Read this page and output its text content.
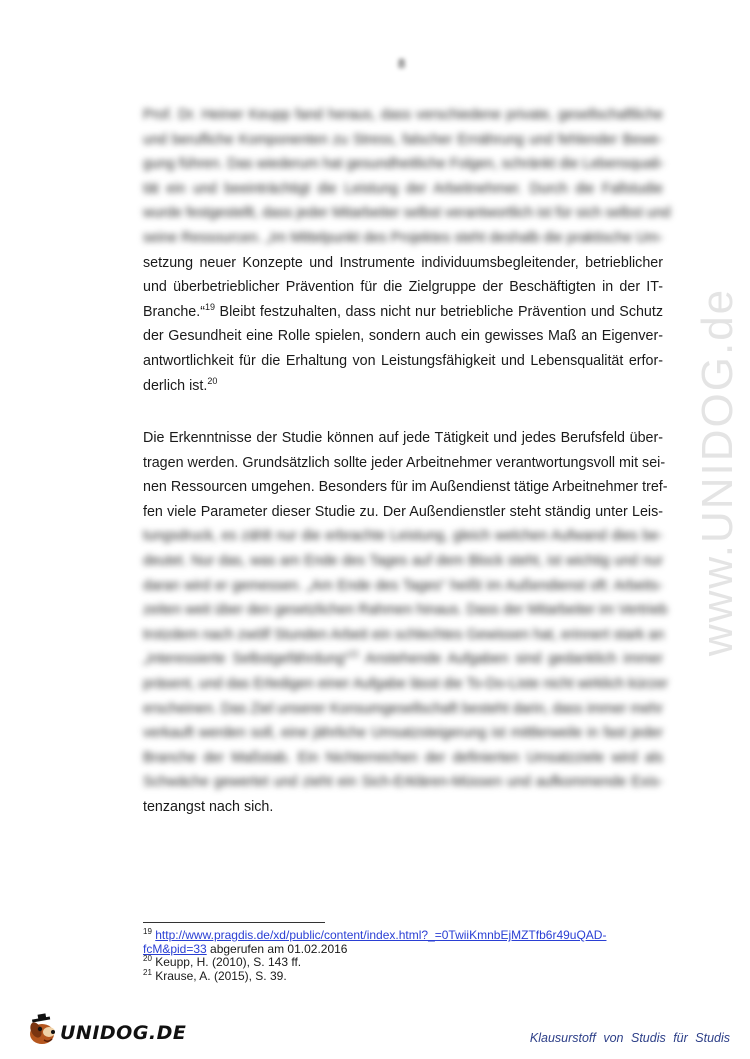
www.UNIDOG.de
8
Prof. Dr. Heiner Keupp fand heraus, dass verschiedene private, gesellschaftliche
und berufliche Komponenten zu Stress, falscher Ernährung und fehlender Bewe-
gung führen. Das wiederum hat gesundheitliche Folgen, schränkt die Lebensquali-
tät ein und beeinträchtigt die Leistung der Arbeitnehmer. Durch die Fallstudie
wurde festgestellt, dass jeder Mitarbeiter selbst verantwortlich ist für sich selbst und
seine Ressourcen. „Im Mittelpunkt des Projektes steht deshalb die praktische Um-
setzung neuer Konzepte und Instrumente individuumsbegleitender, betrieblicher
und überbetrieblicher Prävention für die Zielgruppe der Beschäftigten in der IT-
Branche.“$^{19}$ Bleibt festzuhalten, dass nicht nur betriebliche Prävention und Schutz
der Gesundheit eine Rolle spielen, sondern auch ein gewisses Maß an Eigenver-
antwortlichkeit für die Erhaltung von Leistungsfähigkeit und Lebensqualität erfor-
derlich ist.$^{20}$
Die Erkenntnisse der Studie können auf jede Tätigkeit und jedes Berufsfeld über-
tragen werden. Grundsätzlich sollte jeder Arbeitnehmer verantwortungsvoll mit sei-
nen Ressourcen umgehen. Besonders für im Außendienst tätige Arbeitnehmer tref-
fen viele Parameter dieser Studie zu. Der Außendienstler steht ständig unter Leis-
tungsdruck, es zählt nur die erbrachte Leistung, gleich welchen Aufwand dies be-
deutet. Nur das, was am Ende des Tages auf dem Block steht, ist wichtig und nur
daran wird er gemessen. „Am Ende des Tages“ heißt im Außendienst oft: Arbeits-
zeiten weit über den gesetzlichen Rahmen hinaus. Dass der Mitarbeiter im Vertrieb
trotzdem nach zwölf Stunden Arbeit ein schlechtes Gewissen hat, erinnert stark an
„interessierte Selbstgefährdung“$^{21}$ Anstehende Aufgaben sind gedanklich immer
präsent, und das Erledigen einer Aufgabe lässt die To-Do-Liste nicht wirklich kürzer
erscheinen. Das Ziel unserer Konsumgesellschaft besteht darin, dass immer mehr
verkauft werden soll, eine jährliche Umsatzsteigerung ist mittlerweile in fast jeder
Branche der Maßstab. Ein Nichterreichen der definierten Umsatzziele wird als
Schwäche gewertet und zieht ein Sich-Erklären-Müssen und aufkommende Exis-
tenzangst nach sich.
$^{19}$ http://www.pragdis.de/xd/public/content/index.html?_=0TwiiKmnbEjMZTfb6r49uQAD-
fcM&pid=33 abgerufen am 01.02.2016
$^{20}$ Keupp, H. (2010), S. 143 ff.
$^{21}$ Krause, A. (2015), S. 39.
UNIDOG.DE	Klausurstoff von Studis für Studis
